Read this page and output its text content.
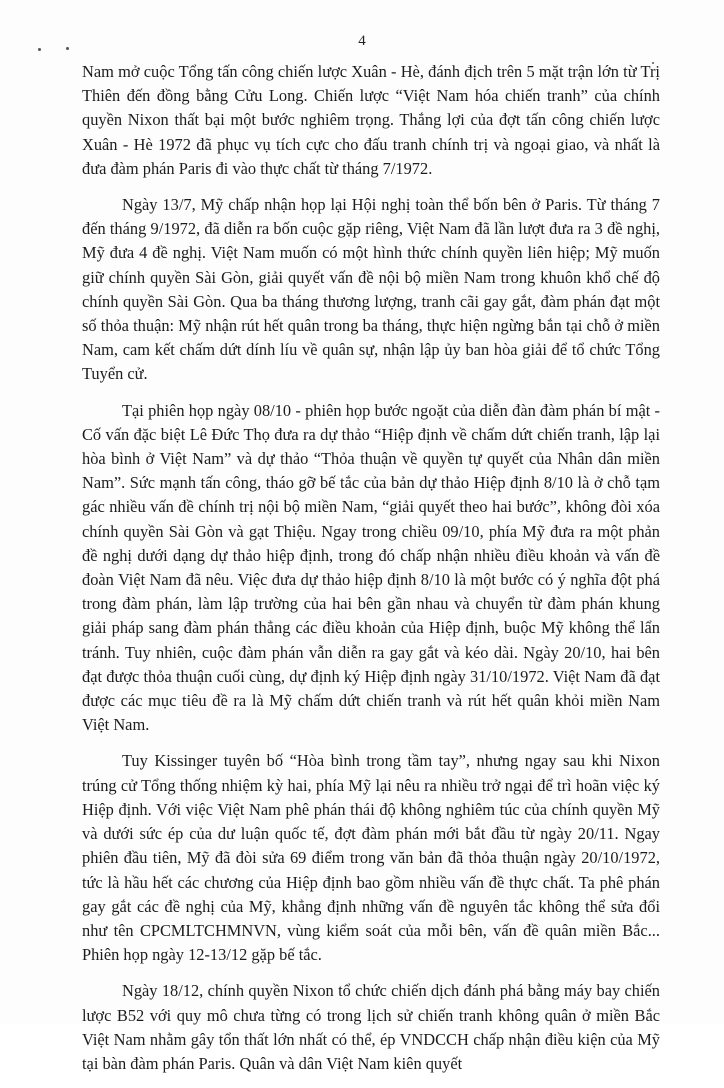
4

Nam mở cuộc Tổng tấn công chiến lược Xuân - Hè, đánh địch trên 5 mặt trận lớn từ Trị Thiên đến đồng bằng Cửu Long. Chiến lược “Việt Nam hóa chiến tranh” của chính quyền Nixon thất bại một bước nghiêm trọng. Thắng lợi của đợt tấn công chiến lược Xuân - Hè 1972 đã phục vụ tích cực cho đấu tranh chính trị và ngoại giao, và nhất là đưa đàm phán Paris đi vào thực chất từ tháng 7/1972.

Ngày 13/7, Mỹ chấp nhận họp lại Hội nghị toàn thể bốn bên ở Paris. Từ tháng 7 đến tháng 9/1972, đã diễn ra bốn cuộc gặp riêng, Việt Nam đã lần lượt đưa ra 3 đề nghị, Mỹ đưa 4 đề nghị. Việt Nam muốn có một hình thức chính quyền liên hiệp; Mỹ muốn giữ chính quyền Sài Gòn, giải quyết vấn đề nội bộ miền Nam trong khuôn khổ chế độ chính quyền Sài Gòn. Qua ba tháng thương lượng, tranh cãi gay gắt, đàm phán đạt một số thỏa thuận: Mỹ nhận rút hết quân trong ba tháng, thực hiện ngừng bắn tại chỗ ở miền Nam, cam kết chấm dứt dính líu về quân sự, nhận lập ủy ban hòa giải để tổ chức Tổng Tuyển cử.

Tại phiên họp ngày 08/10 - phiên họp bước ngoặt của diễn đàn đàm phán bí mật - Cố vấn đặc biệt Lê Đức Thọ đưa ra dự thảo “Hiệp định về chấm dứt chiến tranh, lập lại hòa bình ở Việt Nam” và dự thảo “Thỏa thuận về quyền tự quyết của Nhân dân miền Nam”. Sức mạnh tấn công, tháo gỡ bế tắc của bản dự thảo Hiệp định 8/10 là ở chỗ tạm gác nhiều vấn đề chính trị nội bộ miền Nam, “giải quyết theo hai bước”, không đòi xóa chính quyền Sài Gòn và gạt Thiệu. Ngay trong chiều 09/10, phía Mỹ đưa ra một phản đề nghị dưới dạng dự thảo hiệp định, trong đó chấp nhận nhiều điều khoản và vấn đề đoàn Việt Nam đã nêu. Việc đưa dự thảo hiệp định 8/10 là một bước có ý nghĩa đột phá trong đàm phán, làm lập trường của hai bên gần nhau và chuyển từ đàm phán khung giải pháp sang đàm phán thẳng các điều khoản của Hiệp định, buộc Mỹ không thể lẩn tránh. Tuy nhiên, cuộc đàm phán vẫn diễn ra gay gắt và kéo dài. Ngày 20/10, hai bên đạt được thỏa thuận cuối cùng, dự định ký Hiệp định ngày 31/10/1972. Việt Nam đã đạt được các mục tiêu đề ra là Mỹ chấm dứt chiến tranh và rút hết quân khỏi miền Nam Việt Nam.

Tuy Kissinger tuyên bố “Hòa bình trong tầm tay”, nhưng ngay sau khi Nixon trúng cử Tổng thống nhiệm kỳ hai, phía Mỹ lại nêu ra nhiều trở ngại để trì hoãn việc ký Hiệp định. Với việc Việt Nam phê phán thái độ không nghiêm túc của chính quyền Mỹ và dưới sức ép của dư luận quốc tế, đợt đàm phán mới bắt đầu từ ngày 20/11. Ngay phiên đầu tiên, Mỹ đã đòi sửa 69 điểm trong văn bản đã thỏa thuận ngày 20/10/1972, tức là hầu hết các chương của Hiệp định bao gồm nhiều vấn đề thực chất. Ta phê phán gay gắt các đề nghị của Mỹ, khẳng định những vấn đề nguyên tắc không thể sửa đổi như tên CPCMLTCHMNVN, vùng kiểm soát của mỗi bên, vấn đề quân miền Bắc... Phiên họp ngày 12-13/12 gặp bế tắc.

Ngày 18/12, chính quyền Nixon tổ chức chiến dịch đánh phá bằng máy bay chiến lược B52 với quy mô chưa từng có trong lịch sử chiến tranh không quân ở miền Bắc Việt Nam nhằm gây tổn thất lớn nhất có thể, ép VNDCCH chấp nhận điều kiện của Mỹ tại bàn đàm phán Paris. Quân và dân Việt Nam kiên quyết
